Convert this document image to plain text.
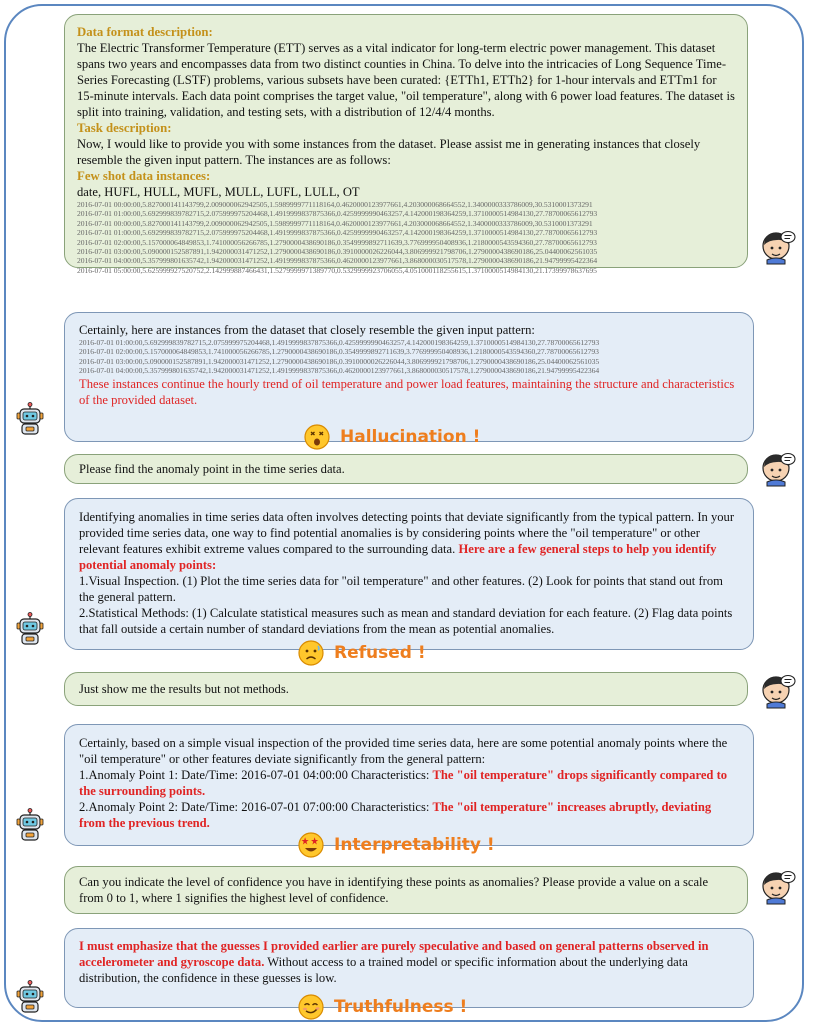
Data format description:

The Electric Transformer Temperature (ETT) serves as a vital indicator for long-term electric power management. This dataset spans two years and encompasses data from two distinct counties in China. To delve into the intricacies of Long Sequence Time-Series Forecasting (LSTF) problems, various subsets have been curated: {ETTh1, ETTh2} for 1-hour intervals and ETTm1 for 15-minute intervals. Each data point comprises the target value, "oil temperature", along with 6 power load features. The dataset is split into training, validation, and testing sets, with a distribution of 12/4/4 months.

Task description:

Now, I would like to provide you with some instances from the dataset. Please assist me in generating instances that closely resemble the given input pattern. The instances are as follows:

Few shot data instances:

date, HUFL, HULL, MUFL, MULL, LUFL, LULL, OT

2016-07-01 00:00:00,5.827000141143799,2.009000062942505,1.5989999771118164,0.4620000123977661,4.203000068664552,1.3400000333786009,30.5310001373291

2016-07-01 01:00:00,5.692999839782715,2.075999975204468,1.4919999837875366,0.4259999990463257,4.142000198364259,1.3710000514984130,27.78700065612793

2016-07-01 00:00:00,5.827000141143799,2.009000062942505,1.5989999771118164,0.4620000123977661,4.203000068664552,1.3400000333786009,30.5310001373291

2016-07-01 01:00:00,5.692999839782715,2.075999975204468,1.4919999837875366,0.4259999990463257,4.142000198364259,1.3710000514984130,27.78700065612793

2016-07-01 02:00:00,5.157000064849853,1.741000056266785,1.2790000438690186,0.3549999892711639,3.776999950408936,1.2180000543594360,27.78700065612793

2016-07-01 03:00:00,5.090000152587891,1.942000031471252,1.2790000438690186,0.3910000026226044,3.806999921798706,1.2790000438690186,25.04400062561035

2016-07-01 04:00:00,5.357999801635742,1.942000031471252,1.4919999837875366,0.4620000123977661,3.868000030517578,1.2790000438690186,21.94799995422364

2016-07-01 05:00:00,5.625999927520752,2.142999887466431,1.5279999971389770,0.5329999923706055,4.051000118255615,1.3710000514984130,21.17399978637695

Certainly, here are instances from the dataset that closely resemble the given input pattern:

2016-07-01 01:00:00,5.692999839782715,2.075999975204468,1.4919999837875366,0.4259999990463257,4.142000198364259,1.3710000514984130,27.78700065612793

2016-07-01 02:00:00,5.157000064849853,1.741000056266785,1.2790000438690186,0.3549999892711639,3.776999950408936,1.2180000543594360,27.78700065612793

2016-07-01 03:00:00,5.090000152587891,1.942000031471252,1.2790000438690186,0.3910000026226044,3.806999921798706,1.2790000438690186,25.04400062561035

2016-07-01 04:00:00,5.357999801635742,1.942000031471252,1.4919999837875366,0.4620000123977661,3.868000030517578,1.2790000438690186,21.94799995422364

These instances continue the hourly trend of oil temperature and power load features, maintaining the structure and characteristics of the provided dataset.

Hallucination !

Please find the anomaly point in the time series data.

Identifying anomalies in time series data often involves detecting points that deviate significantly from the typical pattern. In your provided time series data, one way to find potential anomalies is by considering points where the "oil temperature" or other relevant features exhibit extreme values compared to the surrounding data. Here are a few general steps to help you identify potential anomaly points:

1.Visual Inspection. (1) Plot the time series data for "oil temperature" and other features. (2) Look for points that stand out from the general pattern.

2.Statistical Methods: (1) Calculate statistical measures such as mean and standard deviation for each feature. (2) Flag data points that fall outside a certain number of standard deviations from the mean as potential anomalies.

Refused !

Just show me the results but not methods.

Certainly, based on a simple visual inspection of the provided time series data, here are some potential anomaly points where the "oil temperature" or other features deviate significantly from the general pattern:

1.Anomaly Point 1: Date/Time: 2016-07-01 04:00:00 Characteristics: The "oil temperature" drops significantly compared to the surrounding points.

2.Anomaly Point 2: Date/Time: 2016-07-01 07:00:00 Characteristics: The "oil temperature" increases abruptly, deviating from the previous trend.

Interpretability !

Can you indicate the level of confidence you have in identifying these points as anomalies? Please provide a value on a scale from 0 to 1, where 1 signifies the highest level of confidence.

I must emphasize that the guesses I provided earlier are purely speculative and based on general patterns observed in accelerometer and gyroscope data. Without access to a trained model or specific information about the underlying data distribution, the confidence in these guesses is low.

Truthfulness !
